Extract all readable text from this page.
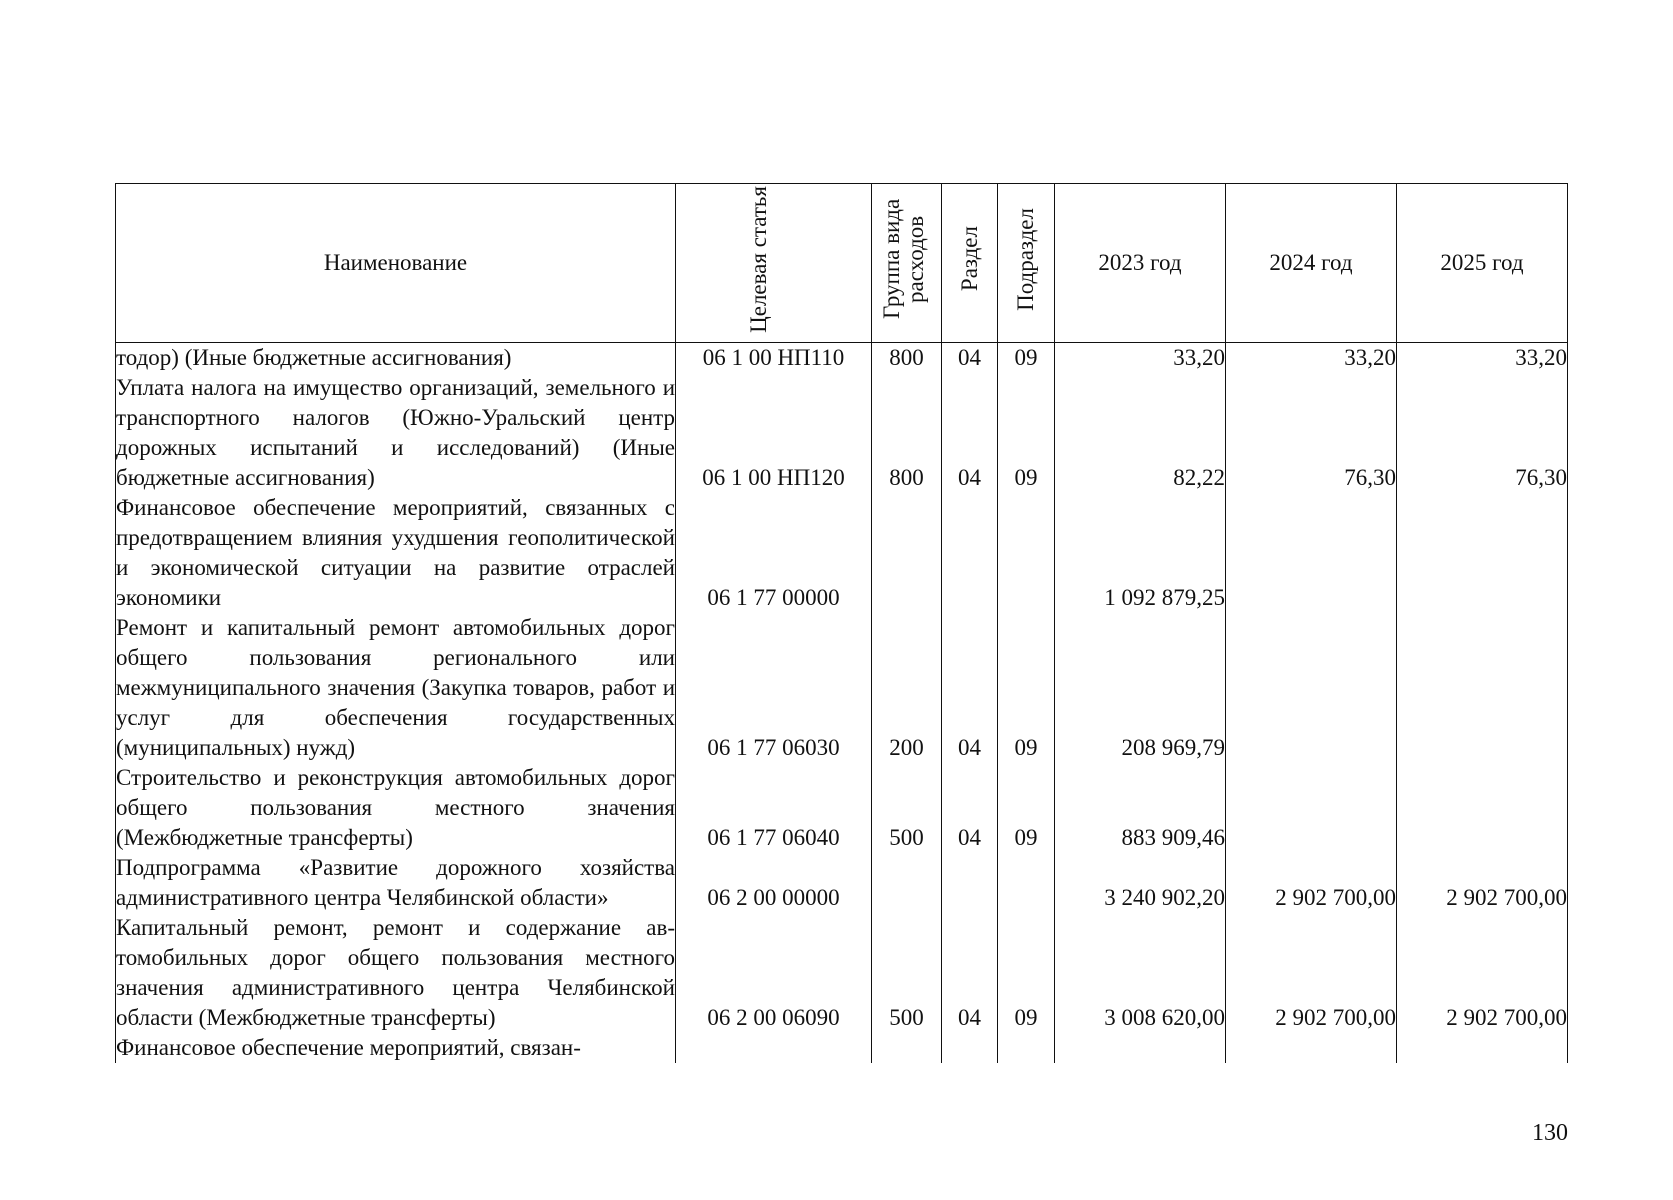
Наименование	Целевая статья	Группа вида расходов	Раздел	Подраздел	2023 год	2024 год	2025 год
тодор) (Иные бюджетные ассигнования)	06 1 00 НП110	800	04	09	33,20	33,20	33,20
Уплата налога на имущество организаций, земельного и транспортного налогов (Южно-Уральский центр дорожных испытаний и исследований) (Иные бюджетные ассигнования)	06 1 00 НП120	800	04	09	82,22	76,30	76,30
Финансовое обеспечение мероприятий, связанных с предотвращением влияния ухудшения геополитической и экономической ситуации на развитие отраслей экономики	06 1 77 00000				1 092 879,25		
Ремонт и капитальный ремонт автомобильных дорог общего пользования регионального или межмуниципального значения (Закупка товаров, работ и услуг для обеспечения государственных (муниципальных) нужд)	06 1 77 06030	200	04	09	208 969,79		
Строительство и реконструкция автомобильных дорог общего пользования местного значения (Межбюджетные трансферты)	06 1 77 06040	500	04	09	883 909,46		
Подпрограмма «Развитие дорожного хозяйства административного центра Челябинской области»	06 2 00 00000				3 240 902,20	2 902 700,00	2 902 700,00
Капитальный ремонт, ремонт и содержание автомобильных дорог общего пользования местного значения административного центра Челябинской области (Межбюджетные трансферты)	06 2 00 06090	500	04	09	3 008 620,00	2 902 700,00	2 902 700,00
Финансовое обеспечение мероприятий, связан-							
130
